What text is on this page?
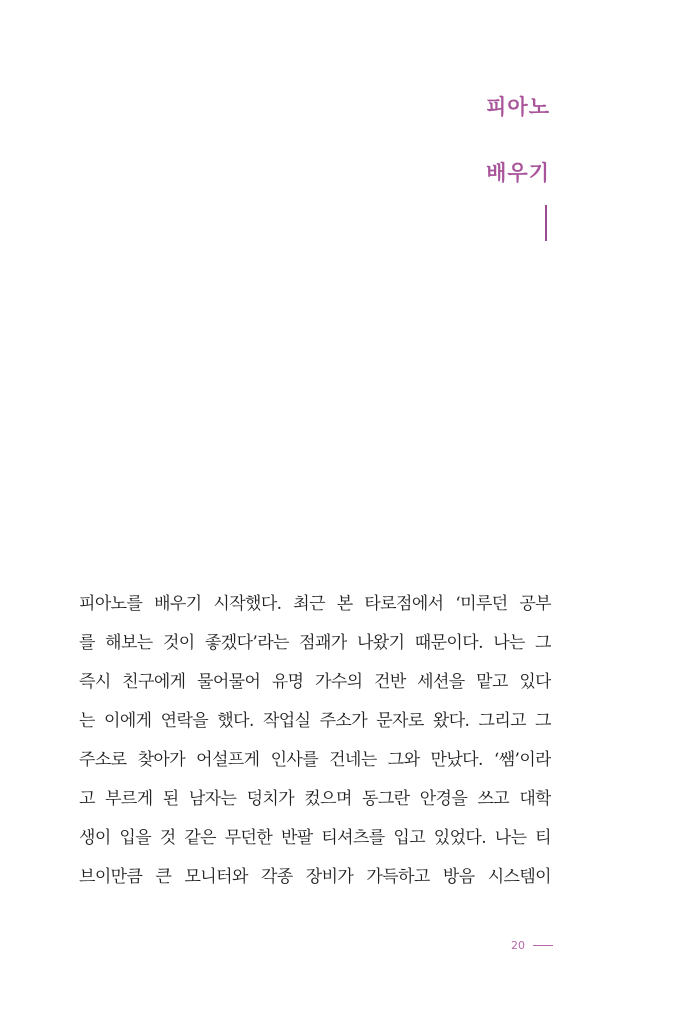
피아노
배우기
피아노를 배우기 시작했다. 최근 본 타로점에서 ‘미루던 공부
를 해보는 것이 좋겠다’라는 점괘가 나왔기 때문이다. 나는 그
즉시 친구에게 물어물어 유명 가수의 건반 세션을 맡고 있다
는 이에게 연락을 했다. 작업실 주소가 문자로 왔다. 그리고 그
주소로 찾아가 어설프게 인사를 건네는 그와 만났다. ‘쌤’이라
고 부르게 된 남자는 덩치가 컸으며 동그란 안경을 쓰고 대학
생이 입을 것 같은 무던한 반팔 티셔츠를 입고 있었다. 나는 티
브이만큼 큰 모니터와 각종 장비가 가득하고 방음 시스템이
20
